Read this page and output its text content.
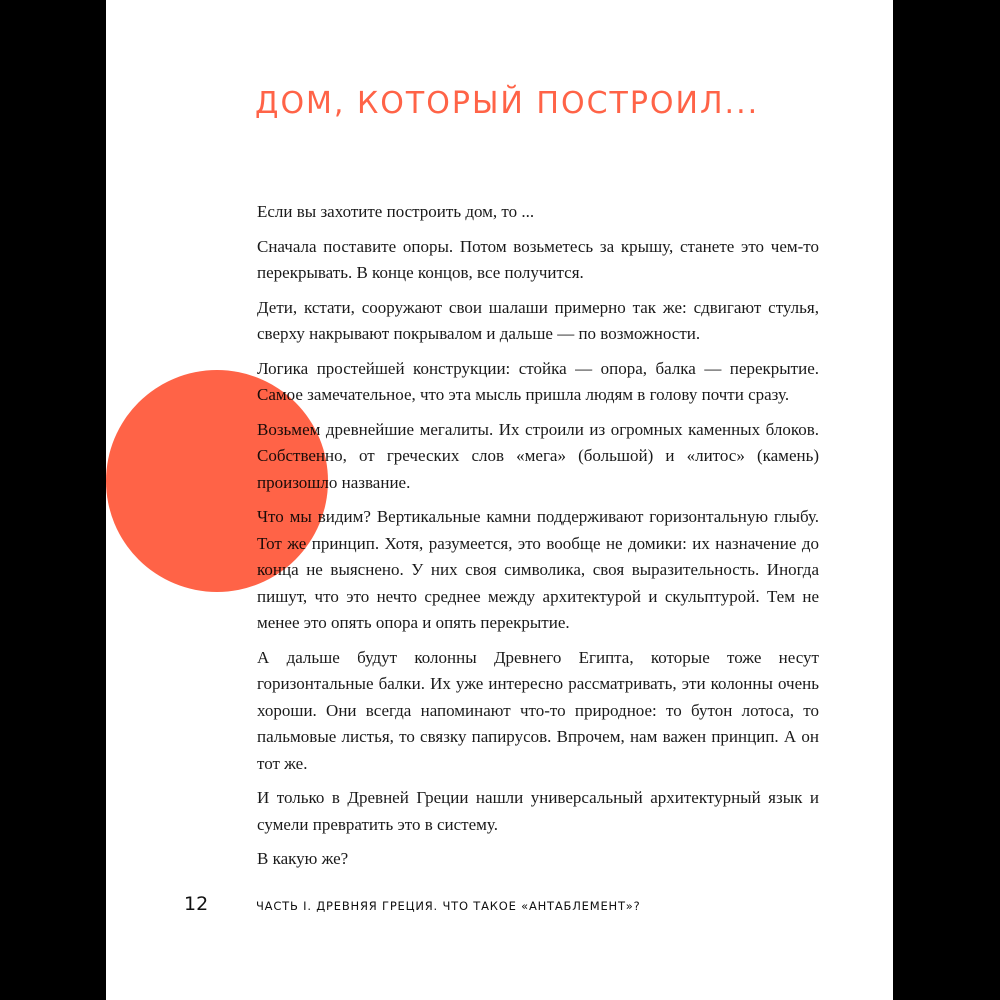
ДОМ, КОТОРЫЙ ПОСТРОИЛ...

Если вы захотите построить дом, то ...

Сначала поставите опоры. Потом возьметесь за крышу, станете это чем-то перекрывать. В конце концов, все получится.

Дети, кстати, сооружают свои шалаши примерно так же: сдвигают стулья, сверху накрывают покрывалом и дальше — по возможности.

Логика простейшей конструкции: стойка — опора, балка — перекрытие. Самое замечательное, что эта мысль пришла людям в голову почти сразу.

Возьмем древнейшие мегалиты. Их строили из огромных каменных блоков. Собственно, от греческих слов «мега» (большой) и «литос» (камень) произошло название.

Что мы видим? Вертикальные камни поддерживают горизонтальную глыбу. Тот же принцип. Хотя, разумеется, это вообще не домики: их назначение до конца не выяснено. У них своя символика, своя выразительность. Иногда пишут, что это нечто среднее между архитектурой и скульптурой. Тем не менее это опять опора и опять перекрытие.

А дальше будут колонны Древнего Египта, которые тоже несут горизонтальные балки. Их уже интересно рассматривать, эти колонны очень хороши. Они всегда напоминают что-то природное: то бутон лотоса, то пальмовые листья, то связку папирусов. Впрочем, нам важен принцип. А он тот же.

И только в Древней Греции нашли универсальный архитектурный язык и сумели превратить это в систему.

В какую же?

12	ЧАСТЬ I. ДРЕВНЯЯ ГРЕЦИЯ. ЧТО ТАКОЕ «АНТАБЛЕМЕНТ»?
